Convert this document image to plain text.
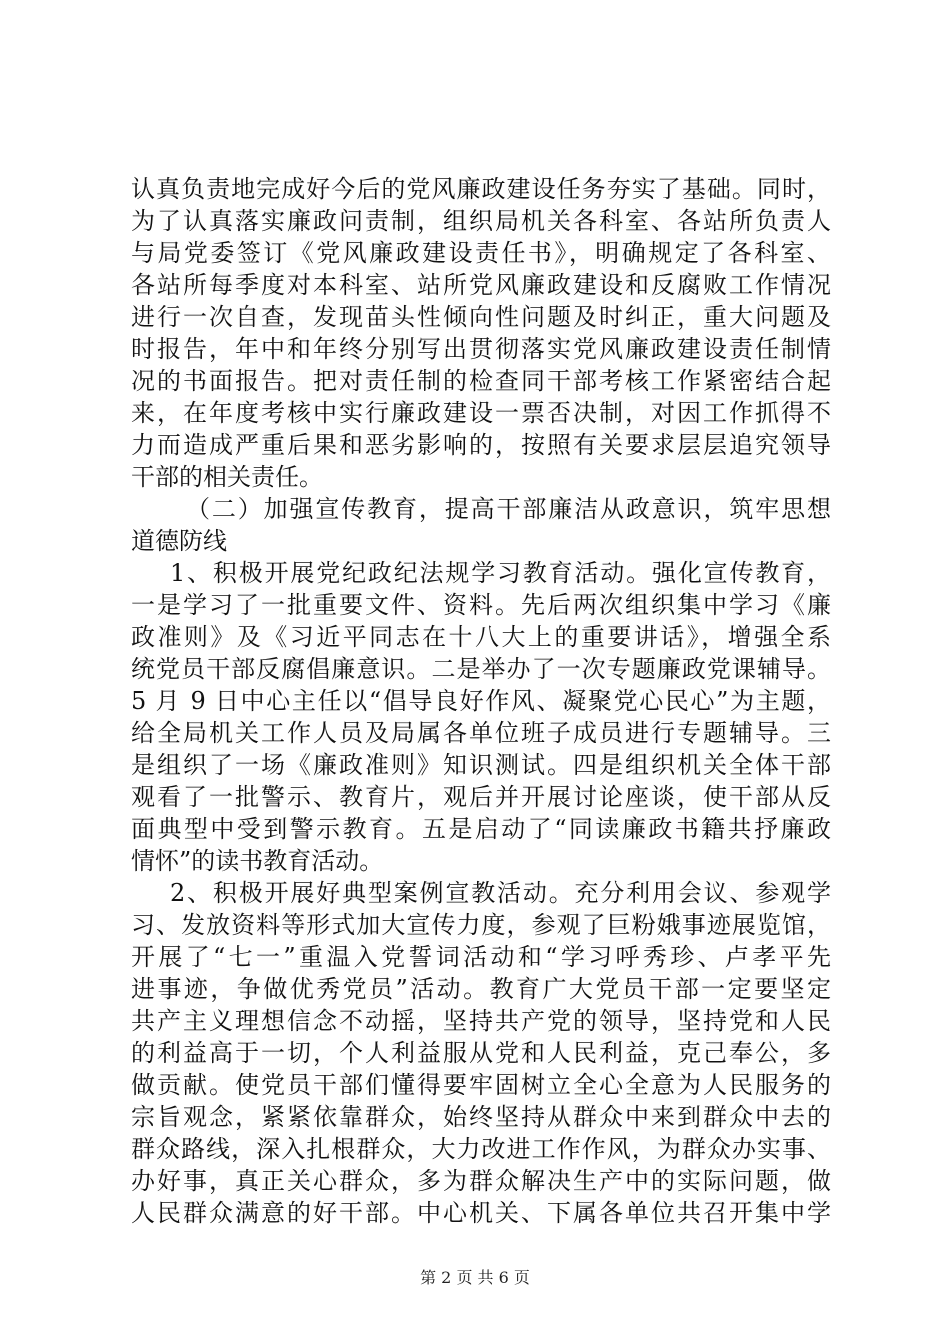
认真负责地完成好今后的党风廉政建设任务夯实了基础。同时，
为了认真落实廉政问责制，组织局机关各科室、各站所负责人
与局党委签订《党风廉政建设责任书》，明确规定了各科室、
各站所每季度对本科室、站所党风廉政建设和反腐败工作情况
进行一次自查，发现苗头性倾向性问题及时纠正，重大问题及
时报告，年中和年终分别写出贯彻落实党风廉政建设责任制情
况的书面报告。把对责任制的检查同干部考核工作紧密结合起
来，在年度考核中实行廉政建设一票否决制，对因工作抓得不
力而造成严重后果和恶劣影响的，按照有关要求层层追究领导
干部的相关责任。
（二）加强宣传教育，提高干部廉洁从政意识，筑牢思想
道德防线
1、积极开展党纪政纪法规学习教育活动。强化宣传教育，
一是学习了一批重要文件、资料。先后两次组织集中学习《廉
政准则》及《习近平同志在十八大上的重要讲话》，增强全系
统党员干部反腐倡廉意识。二是举办了一次专题廉政党课辅导。
5 月 9 日中心主任以“倡导良好作风、凝聚党心民心”为主题，
给全局机关工作人员及局属各单位班子成员进行专题辅导。三
是组织了一场《廉政准则》知识测试。四是组织机关全体干部
观看了一批警示、教育片，观后并开展讨论座谈，使干部从反
面典型中受到警示教育。五是启动了“同读廉政书籍共抒廉政
情怀”的读书教育活动。
2、积极开展好典型案例宣教活动。充分利用会议、参观学
习、发放资料等形式加大宣传力度，参观了巨粉娥事迹展览馆，
开展了“七一”重温入党誓词活动和“学习呼秀珍、卢孝平先
进事迹，争做优秀党员”活动。教育广大党员干部一定要坚定
共产主义理想信念不动摇，坚持共产党的领导，坚持党和人民
的利益高于一切，个人利益服从党和人民利益，克己奉公，多
做贡献。使党员干部们懂得要牢固树立全心全意为人民服务的
宗旨观念，紧紧依靠群众，始终坚持从群众中来到群众中去的
群众路线，深入扎根群众，大力改进工作作风，为群众办实事、
办好事，真正关心群众，多为群众解决生产中的实际问题，做
人民群众满意的好干部。中心机关、下属各单位共召开集中学
第 2 页 共 6 页
